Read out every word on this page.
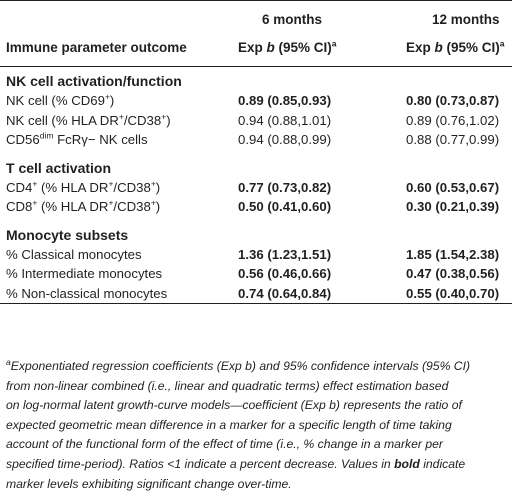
	6 months	12 months
Immune parameter outcome	Exp b (95% CI)$^a$	Exp b (95% CI)$^a$
NK cell activation/function		
NK cell (% CD69+)	0.89 (0.85,0.93)	0.80 (0.73,0.87)
NK cell (% HLA DR+/CD38+)	0.94 (0.88,1.01)	0.89 (0.76,1.02)
$CD56^{dim}$ FcRγ− NK cells	0.94 (0.88,0.99)	0.88 (0.77,0.99)

T cell activation		
CD4+ (% HLA DR+/CD38+)	0.77 (0.73,0.82)	0.60 (0.53,0.67)
CD8+ (% HLA DR+/CD38+)	0.50 (0.41,0.60)	0.30 (0.21,0.39)

Monocyte subsets		
% Classical monocytes	1.36 (1.23,1.51)	1.85 (1.54,2.38)
% Intermediate monocytes	0.56 (0.46,0.66)	0.47 (0.38,0.56)
% Non-classical monocytes	0.74 (0.64,0.84)	0.55 (0.40,0.70)
$^a$Exponentiated regression coefficients (Exp b) and 95% confidence intervals (95% CI)
from non-linear combined (i.e., linear and quadratic terms) effect estimation based
on log-normal latent growth-curve models—coefficient (Exp b) represents the ratio of
expected geometric mean difference in a marker for a specific length of time taking
account of the functional form of the effect of time (i.e., % change in a marker per
specified time-period). Ratios <1 indicate a percent decrease. Values in bold indicate
marker levels exhibiting significant change over-time.
